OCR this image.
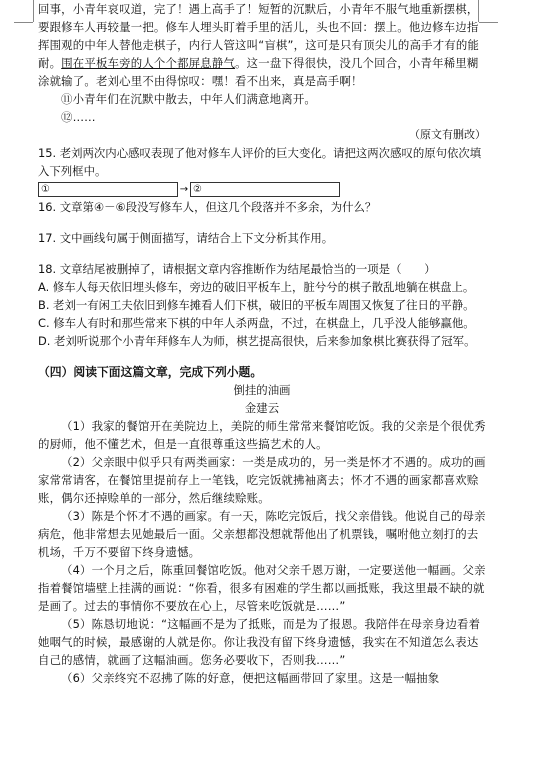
回事，小青年哀叹道，完了！遇上高手了！短暂的沉默后，小青年不服气地重新摆棋，要跟修车人再较量一把。修车人埋头盯着手里的活儿，头也不回：摆上。他边修车边指挥围观的中年人替他走棋子，内行人管这叫“盲棋”，这可是只有顶尖儿的高手才有的能耐。围在平板车旁的人个个都屏息静气。这一盘下得很快，没几个回合，小青年稀里糊涂就输了。老刘心里不由得惊叹：嘿！看不出来，真是高手啊！

⑪小青年们在沉默中散去，中年人们满意地离开。

⑫……

（原文有删改）

15. 老刘两次内心感叹表现了他对修车人评价的巨大变化。请把这两次感叹的原句依次填入下列框中。

①	→ ②

16. 文章第④－⑥段没写修车人，但这几个段落并不多余，为什么？

17. 文中画线句属于侧面描写，请结合上下文分析其作用。

18. 文章结尾被删掉了，请根据文章内容推断作为结尾最恰当的一项是（　　）

A. 修车人每天依旧埋头修车，旁边的破旧平板车上，脏兮兮的棋子散乱地躺在棋盘上。

B. 老刘一有闲工夫依旧到修车摊看人们下棋，破旧的平板车周围又恢复了往日的平静。

C. 修车人有时和那些常来下棋的中年人杀两盘，不过，在棋盘上，几乎没人能够赢他。

D. 老刘听说那个小青年拜修车人为师，棋艺提高很快，后来参加象棋比赛获得了冠军。

（四）阅读下面这篇文章，完成下列小题。

倒挂的油画

金建云

（1）我家的餐馆开在美院边上，美院的师生常常来餐馆吃饭。我的父亲是个很优秀的厨师，他不懂艺术，但是一直很尊重这些搞艺术的人。

（2）父亲眼中似乎只有两类画家：一类是成功的，另一类是怀才不遇的。成功的画家常常请客，在餐馆里提前存上一笔钱，吃完饭就拂袖离去；怀才不遇的画家都喜欢赊账，偶尔还掉赊单的一部分，然后继续赊账。

（3）陈是个怀才不遇的画家。有一天，陈吃完饭后，找父亲借钱。他说自己的母亲病危，他非常想去见她最后一面。父亲想都没想就帮他出了机票钱，嘱咐他立刻打的去机场，千万不要留下终身遗憾。

（4）一个月之后，陈重回餐馆吃饭。他对父亲千恩万谢，一定要送他一幅画。父亲指着餐馆墙壁上挂满的画说：“你看，很多有困难的学生都以画抵账，我这里最不缺的就是画了。过去的事情你不要放在心上，尽管来吃饭就是……”

（5）陈恳切地说：“这幅画不是为了抵账，而是为了报恩。我陪伴在母亲身边看着她咽气的时候，最感谢的人就是你。你让我没有留下终身遗憾，我实在不知道怎么表达自己的感情，就画了这幅油画。您务必要收下，否则我……”

（6）父亲终究不忍拂了陈的好意，便把这幅画带回了家里。这是一幅抽象
